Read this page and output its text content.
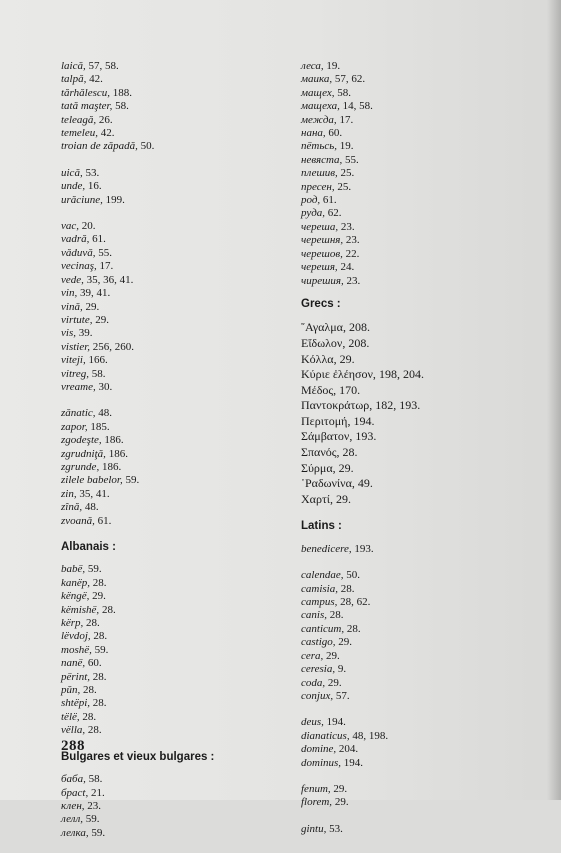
laică, 57, 58.
talpă, 42.
tărhălescu, 188.
tată maşter, 58.
teleagă, 26.
temeleu, 42.
troian de zăpadă, 50.
uică, 53.
unde, 16.
urăciune, 199.
vac, 20.
vadră, 61.
văduvă, 55.
vecinaş, 17.
vede, 35, 36, 41.
vin, 39, 41.
vină, 29.
virtute, 29.
vis, 39.
vistier, 256, 260.
viteji, 166.
vitreg, 58.
vreame, 30.
zănatic, 48.
zapor, 185.
zgodeşte, 186.
zgrudniţă, 186.
zgrunde, 186.
zilele babelor, 59.
zin, 35, 41.
zînă, 48.
zvoană, 61.
Albanais :
babë, 59.
kanëp, 28.
këngë, 29.
këmishë, 28.
kërp, 28.
lëvdoj, 28.
moshë, 59.
nanë, 60.
përint, 28.
pŭn, 28.
shtëpi, 28.
tëlë, 28.
vëlla, 28.
Bulgares et vieux bulgares :
баба, 58.
брact, 21.
клен, 23.
лелл, 59.
лелка, 59.
леса, 19.
маика, 57, 62.
мащех, 58.
мащеха, 14, 58.
межда, 17.
нана, 60.
пётьсь, 19.
невяста, 55.
плешив, 25.
пресен, 25.
род, 61.
руда, 62.
череша, 23.
черешня, 23.
черешов, 22.
черешя, 24.
чирешия, 23.
Grecs :
῞Αγαλμα, 208.
Εἴδωλον, 208.
Κόλλα, 29.
Κύριε ἐλέησον, 198, 204.
Μέδος, 170.
Παντοκράτωρ, 182, 193.
Περιτομή, 194.
Σάμβατον, 193.
Σπανός, 28.
Σύρμα, 29.
῾Ραδωνίνα, 49.
Χαρτί, 29.
Latins :
benedicere, 193.
calendae, 50.
camisia, 28.
campus, 28, 62.
canis, 28.
canticum, 28.
castigo, 29.
cera, 29.
ceresia, 9.
coda, 29.
conjux, 57.
deus, 194.
dianaticus, 48, 198.
domine, 204.
dominus, 194.
fenum, 29.
florem, 29.
gintu, 53.
288
